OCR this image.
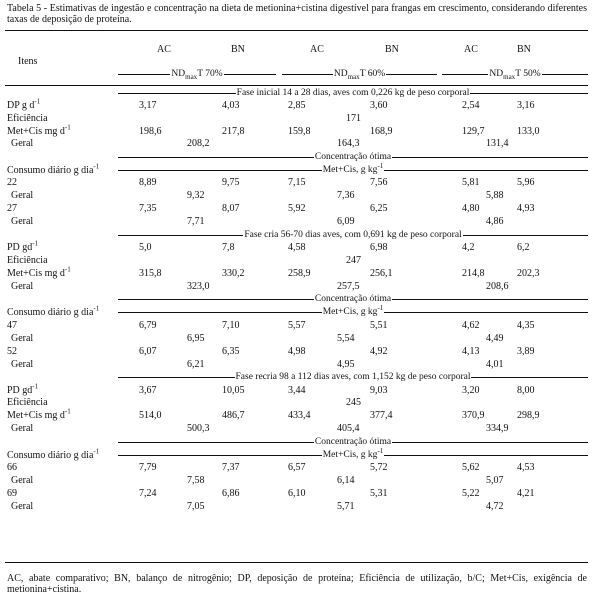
Tabela 5 - Estimativas de ingestão e concentração na dieta de metionina+cistina digestível para frangas em crescimento, considerando diferentes taxas de deposição de proteína.
Itens
AC	BN	AC	BN	AC	BN
$ND_{max}T$ 70%	$ND_{max}T$ 60%	$ND_{max}T$ 50%
Fase inicial 14 a 28 dias, aves com 0,226 kg de peso corporal
DP g $d^{-1}$	3,17	4,03	2,85	3,60	2,54	3,16
Eficiência	171
Met+Cis mg $d^{-1}$	198,6	217,8	159,8	168,9	129,7	133,0
Geral	208,2	164,3	131,4
Concentração ótima
Consumo diário g dia$^{-1}$	Met+Cis, g $kg^{-1}$
22	8,89	9,75	7,15	7,56	5,81	5,96
Geral	9,32	7,36	5,88
27	7,35	8,07	5,92	6,25	4,80	4,93
Geral	7,71	6,09	4,86
Fase cria 56-70 dias aves, com 0,691 kg de peso corporal
PD $gd^{-1}$	5,0	7,8	4,58	6,98	4,2	6,2
Eficiência	247
Met+Cis mg $d^{-1}$	315,8	330,2	258,9	256,1	214,8	202,3
Geral	323,0	257,5	208,6
Concentração ótima
Consumo diário g dia$^{-1}$	Met+Cis, g $kg^{-1}$
47	6,79	7,10	5,57	5,51	4,62	4,35
Geral	6,95	5,54	4,49
52	6,07	6,35	4,98	4,92	4,13	3,89
Geral	6,21	4,95	4,01
Fase recria 98 a 112 dias aves, com 1,152 kg de peso corporal
PD $gd^{-1}$	3,67	10,05	3,44	9,03	3,20	8,00
Eficiência	245
Met+Cis mg $d^{-1}$	514,0	486,7	433,4	377,4	370,9	298,9
Geral	500,3	405,4	334,9
Concentração ótima
Consumo diário g dia$^{-1}$	Met+Cis, g $kg^{-1}$
66	7,79	7,37	6,57	5,72	5,62	4,53
Geral	7,58	6,14	5,07
69	7,24	6,86	6,10	5,31	5,22	4,21
Geral	7,05	5,71	4,72
AC, abate comparativo; BN, balanço de nitrogênio; DP, deposição de proteína; Eficiência de utilização, b/C; Met+Cis, exigência de metionina+cistina.
